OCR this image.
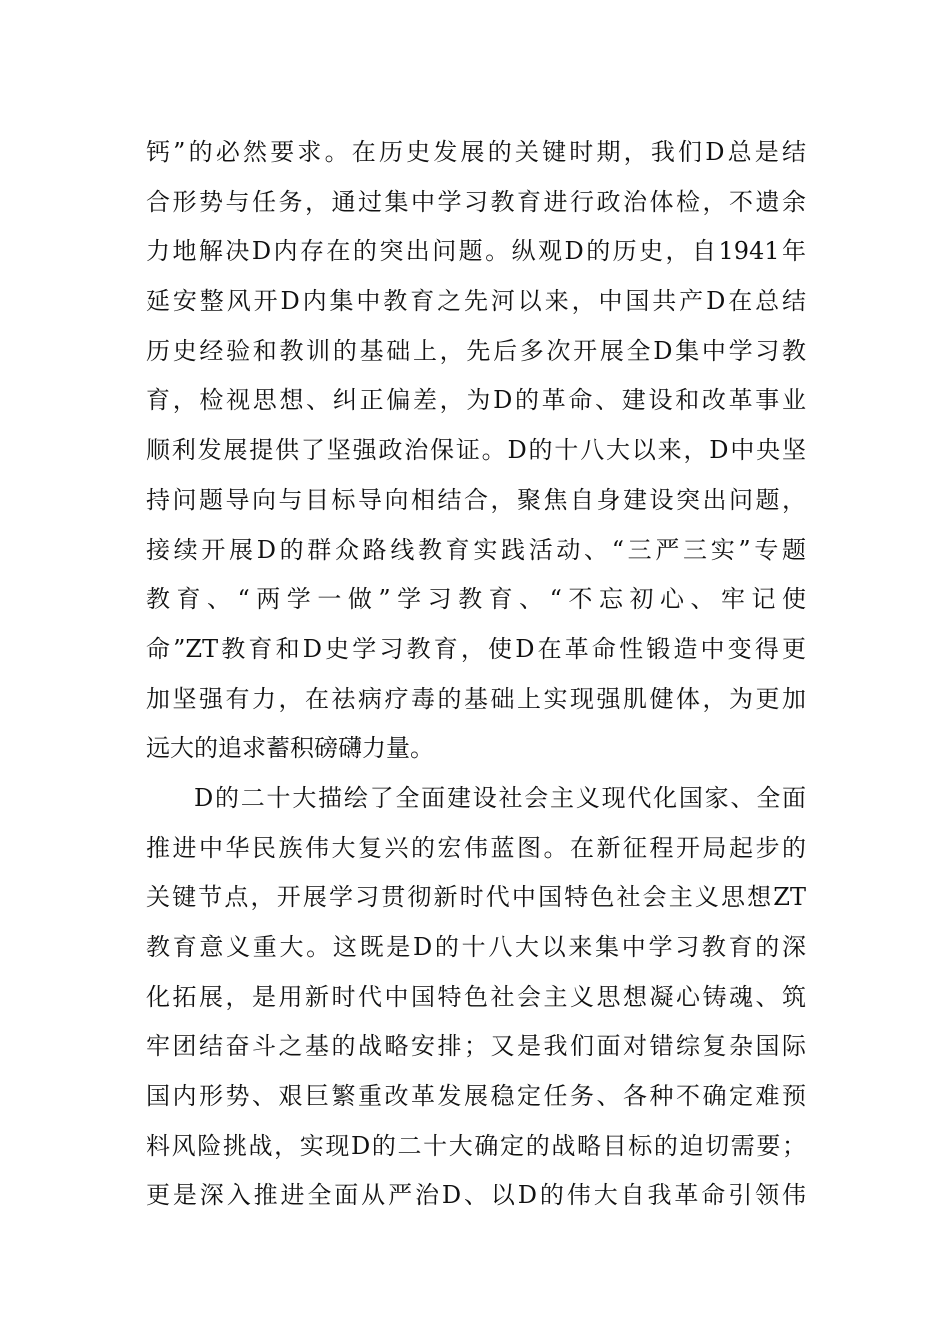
钙”的必然要求。在历史发展的关键时期，我们D总是结
合形势与任务，通过集中学习教育进行政治体检，不遗余
力地解决D内存在的突出问题。纵观D的历史，自1941年
延安整风开D内集中教育之先河以来，中国共产D在总结
历史经验和教训的基础上，先后多次开展全D集中学习教
育，检视思想、纠正偏差，为D的革命、建设和改革事业
顺利发展提供了坚强政治保证。D的十八大以来，D中央坚
持问题导向与目标导向相结合，聚焦自身建设突出问题，
接续开展D的群众路线教育实践活动、“三严三实”专题
教育、“两学一做”学习教育、“不忘初心、牢记使
命”ZT教育和D史学习教育，使D在革命性锻造中变得更
加坚强有力，在祛病疗毒的基础上实现强肌健体，为更加
远大的追求蓄积磅礴力量。
D的二十大描绘了全面建设社会主义现代化国家、全面
推进中华民族伟大复兴的宏伟蓝图。在新征程开局起步的
关键节点，开展学习贯彻新时代中国特色社会主义思想ZT
教育意义重大。这既是D的十八大以来集中学习教育的深
化拓展，是用新时代中国特色社会主义思想凝心铸魂、筑
牢团结奋斗之基的战略安排；又是我们面对错综复杂国际
国内形势、艰巨繁重改革发展稳定任务、各种不确定难预
料风险挑战，实现D的二十大确定的战略目标的迫切需要；
更是深入推进全面从严治D、以D的伟大自我革命引领伟
